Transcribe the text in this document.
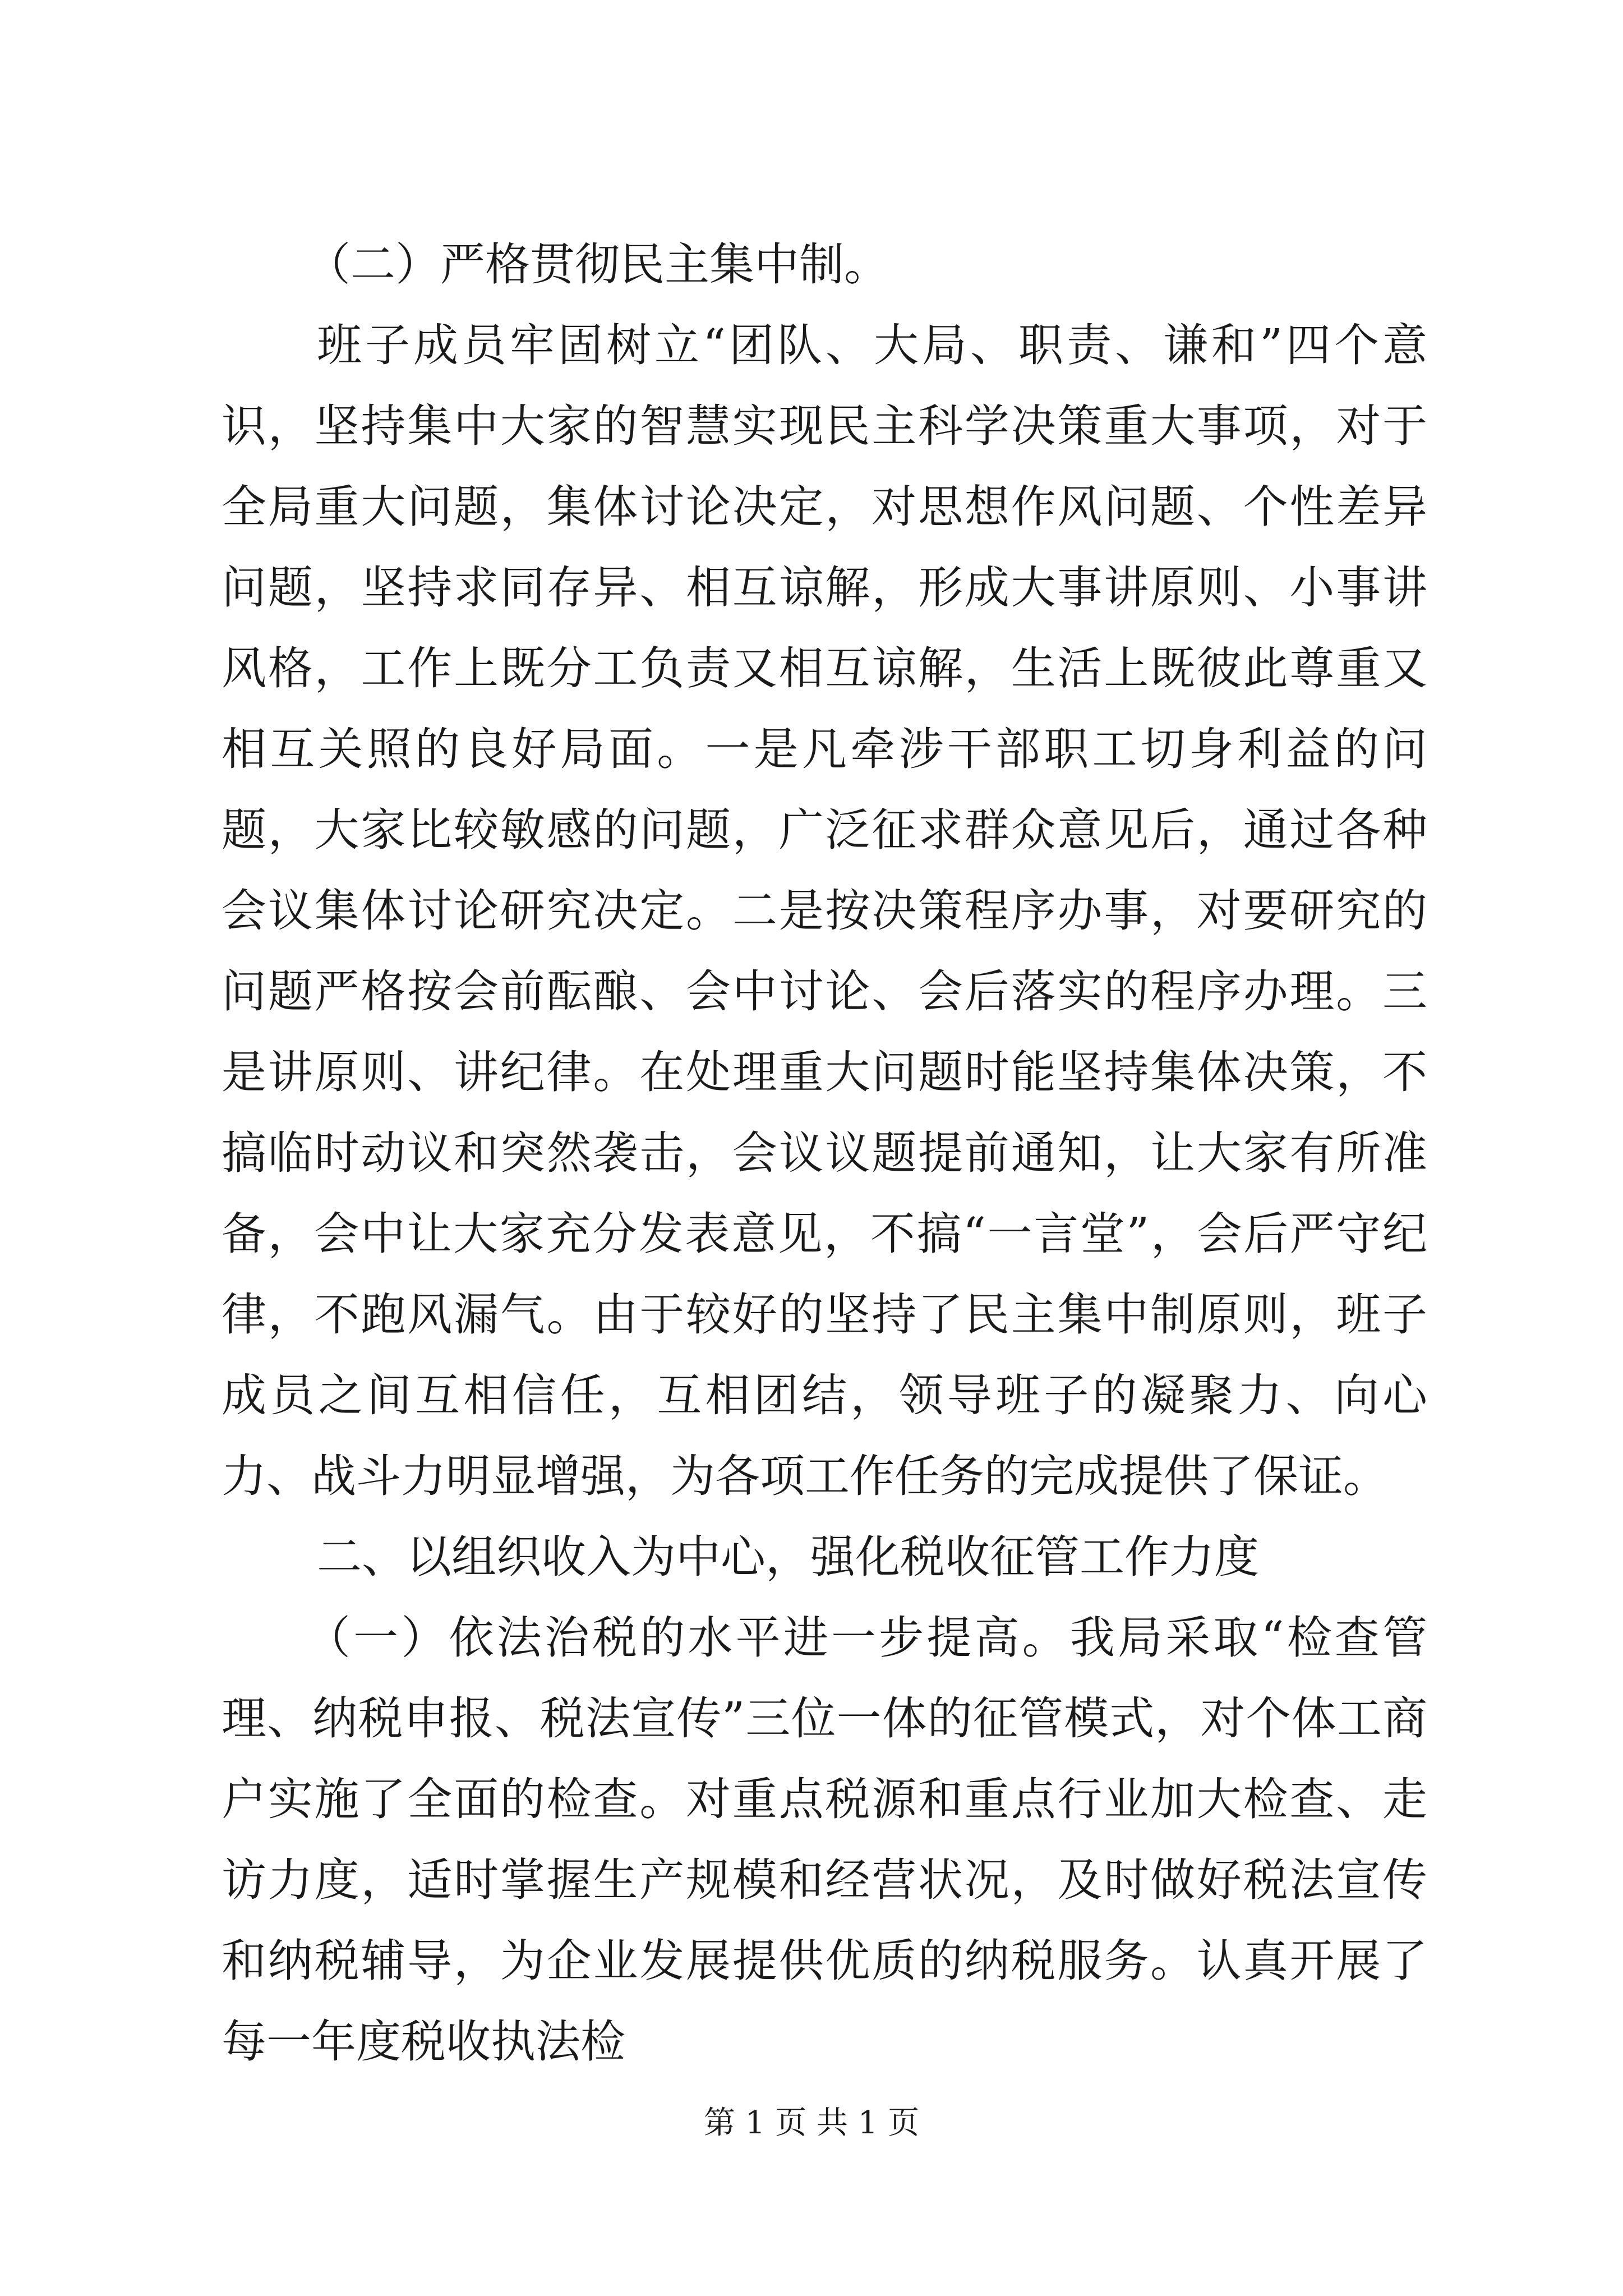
（二）严格贯彻民主集中制。

班子成员牢固树立“团队、大局、职责、谦和”四个意识，坚持集中大家的智慧实现民主科学决策重大事项，对于全局重大问题，集体讨论决定，对思想作风问题、个性差异问题，坚持求同存异、相互谅解，形成大事讲原则、小事讲风格，工作上既分工负责又相互谅解，生活上既彼此尊重又相互关照的良好局面。一是凡牵涉干部职工切身利益的问题，大家比较敏感的问题，广泛征求群众意见后，通过各种会议集体讨论研究决定。二是按决策程序办事，对要研究的问题严格按会前酝酿、会中讨论、会后落实的程序办理。三是讲原则、讲纪律。在处理重大问题时能坚持集体决策，不搞临时动议和突然袭击，会议议题提前通知，让大家有所准备，会中让大家充分发表意见，不搞“一言堂”，会后严守纪律，不跑风漏气。由于较好的坚持了民主集中制原则，班子成员之间互相信任，互相团结，领导班子的凝聚力、向心力、战斗力明显增强，为各项工作任务的完成提供了保证。

二、以组织收入为中心，强化税收征管工作力度

（一）依法治税的水平进一步提高。我局采取“检查管理、纳税申报、税法宣传”三位一体的征管模式，对个体工商户实施了全面的检查。对重点税源和重点行业加大检查、走访力度，适时掌握生产规模和经营状况，及时做好税法宣传和纳税辅导，为企业发展提供优质的纳税服务。认真开展了每一年度税收执法检

第 1 页 共 1 页
